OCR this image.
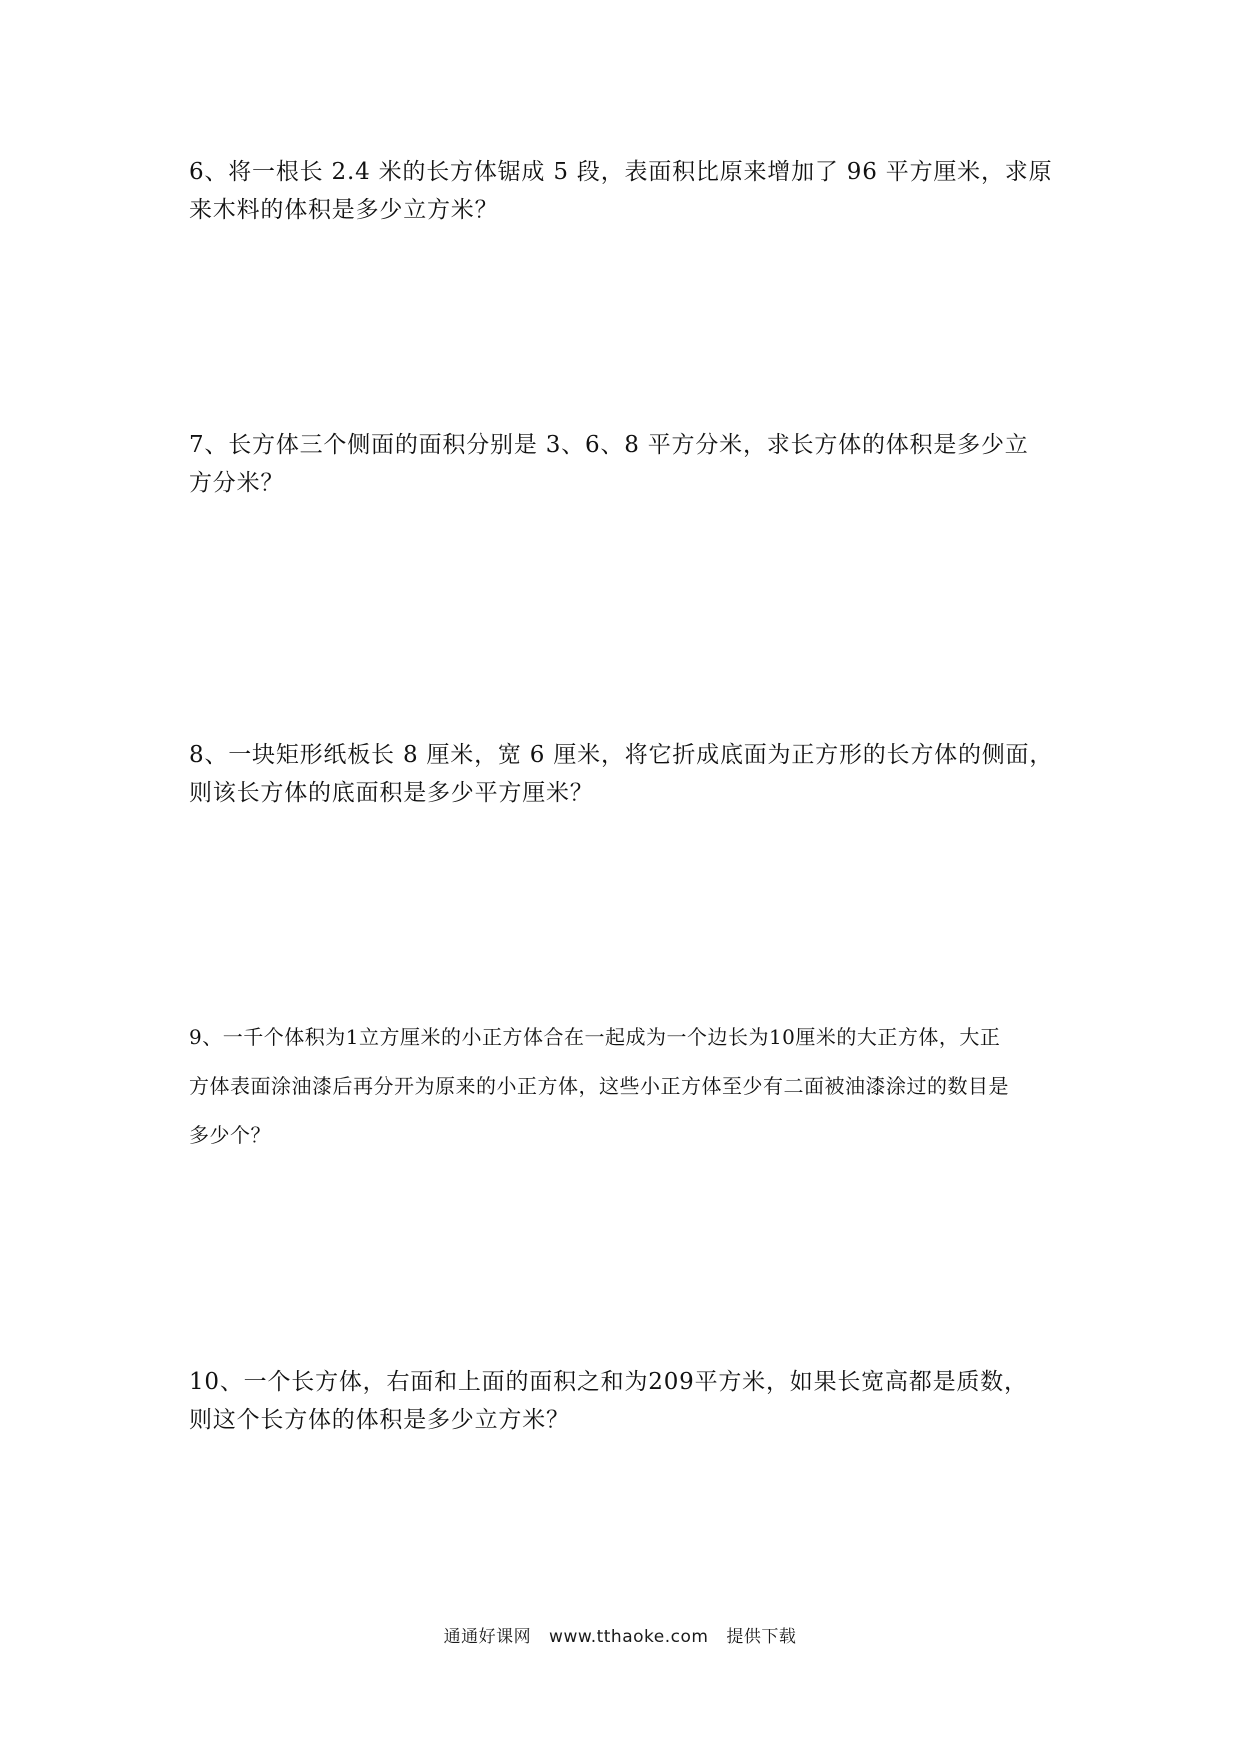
6、将一根长 2.4 米的长方体锯成 5 段，表面积比原来增加了 96 平方厘米，求原
来木料的体积是多少立方米？
7、长方体三个侧面的面积分别是 3、6、8 平方分米，求长方体的体积是多少立
方分米？
8、一块矩形纸板长 8 厘米，宽 6 厘米，将它折成底面为正方形的长方体的侧面，
则该长方体的底面积是多少平方厘米？
9、一千个体积为1立方厘米的小正方体合在一起成为一个边长为10厘米的大正方体，大正
方体表面涂油漆后再分开为原来的小正方体，这些小正方体至少有二面被油漆涂过的数目是
多少个？
10、一个长方体，右面和上面的面积之和为209平方米，如果长宽高都是质数，
则这个长方体的体积是多少立方米？
通通好课网 www.tthaoke.com 提供下载
